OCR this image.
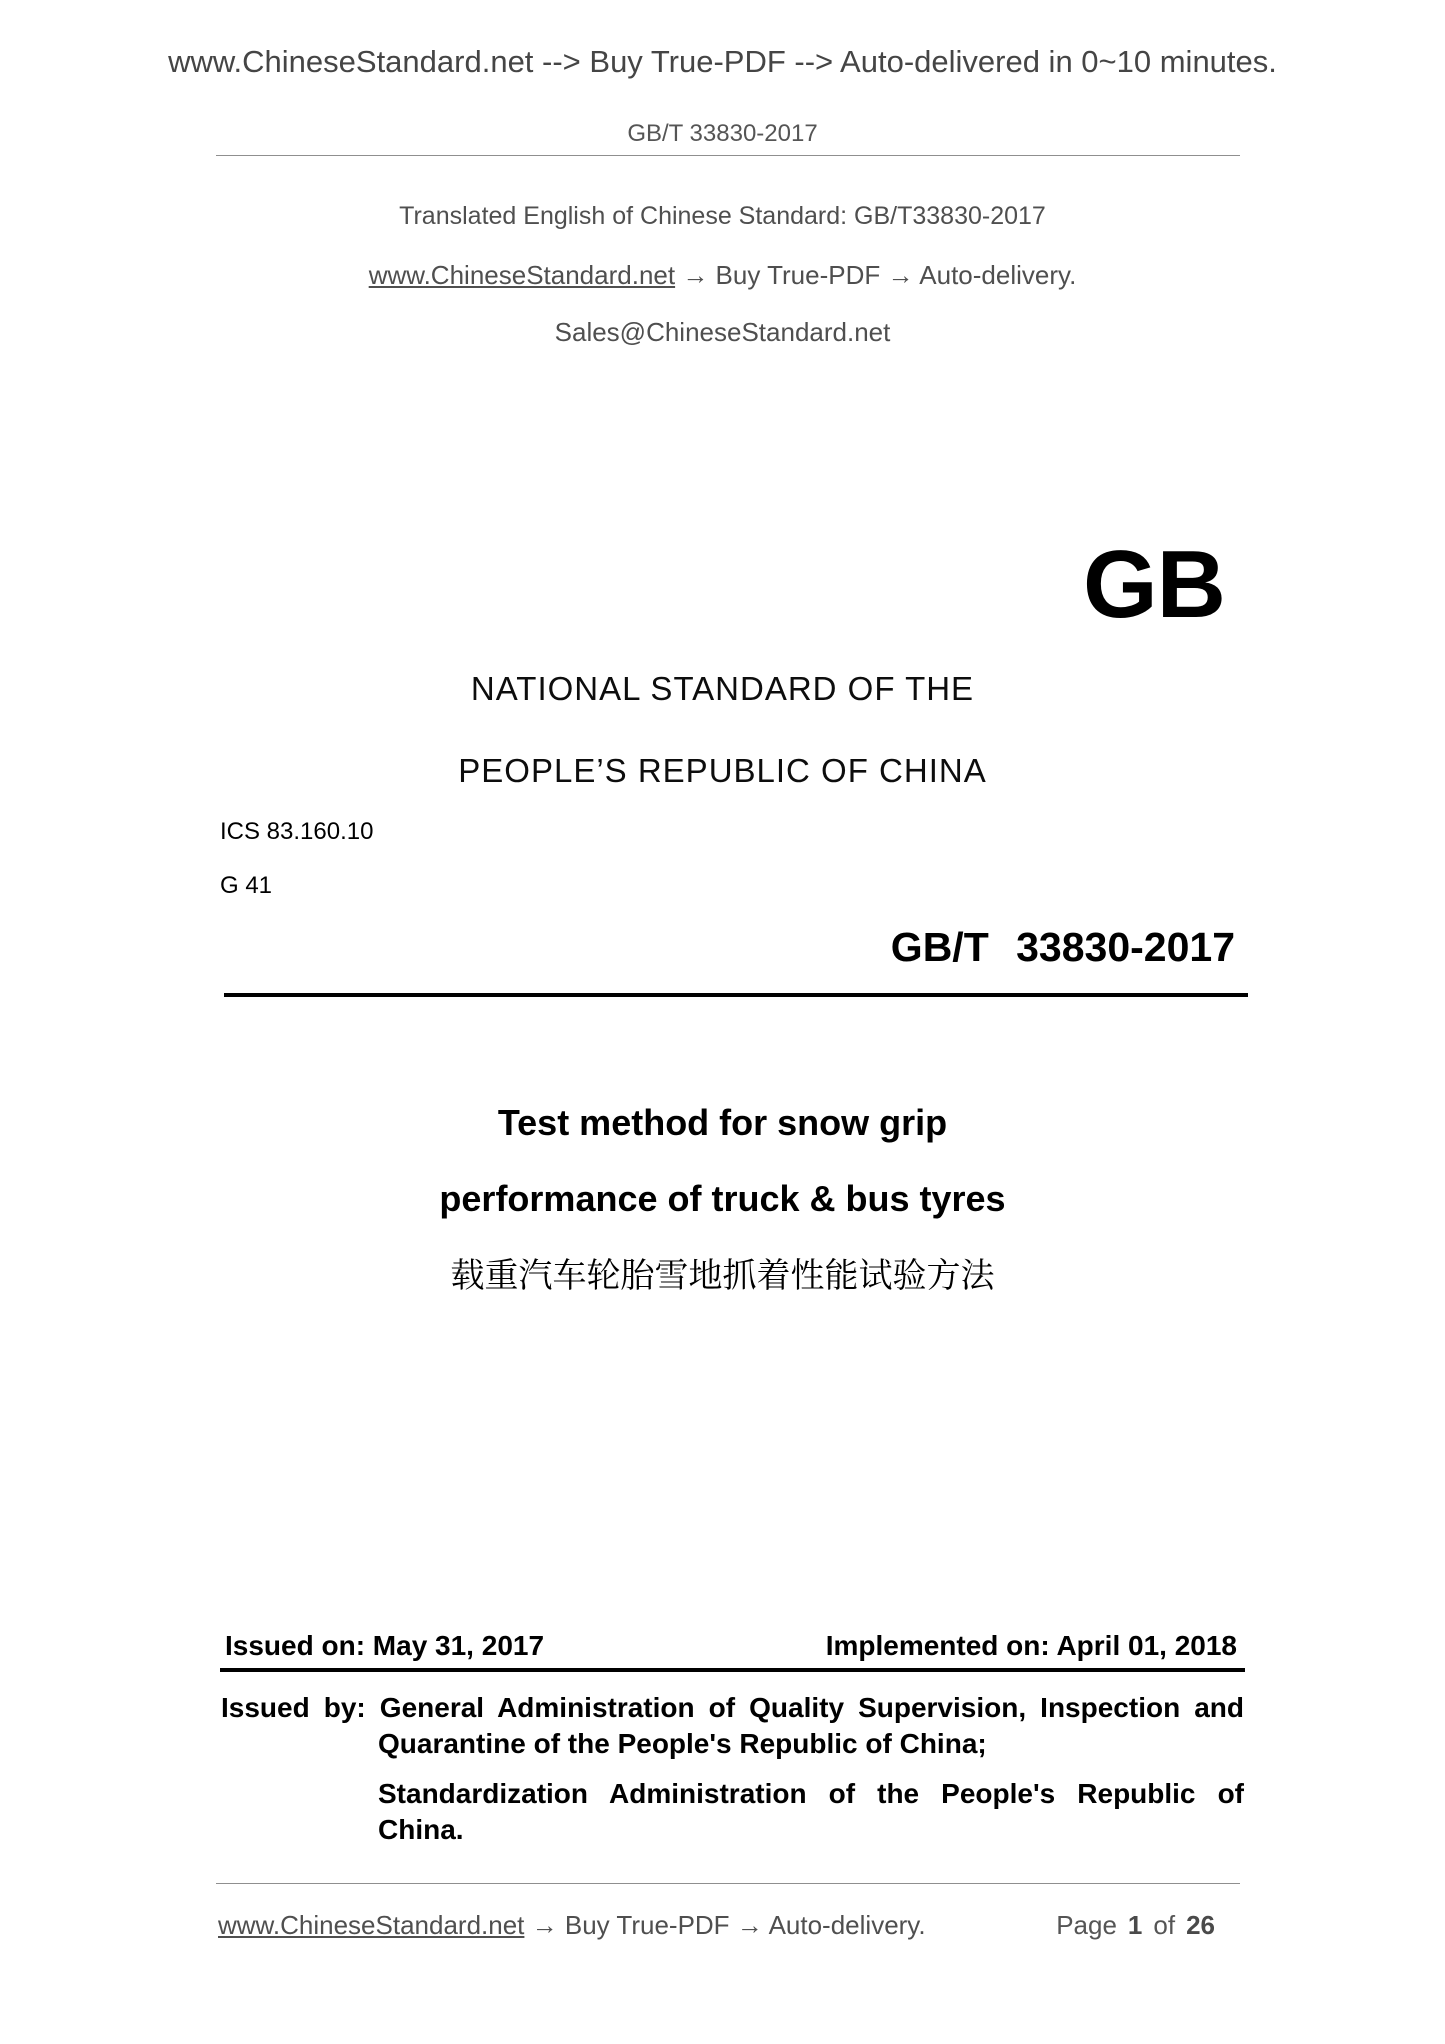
www.ChineseStandard.net --> Buy True-PDF --> Auto-delivered in 0~10 minutes.
GB/T 33830-2017
Translated English of Chinese Standard: GB/T33830-2017
www.ChineseStandard.net → Buy True-PDF → Auto-delivery.
Sales@ChineseStandard.net
GB
NATIONAL STANDARD OF THE
PEOPLE’S REPUBLIC OF CHINA
ICS 83.160.10
G 41
GB/T 33830-2017
Test method for snow grip
performance of truck & bus tyres
载重汽车轮胎雪地抓着性能试验方法
Issued on: May 31, 2017	Implemented on: April 01, 2018
Issued by: General Administration of Quality Supervision, Inspection and
Quarantine of the People's Republic of China;
Standardization Administration of the People's Republic of
China.
www.ChineseStandard.net → Buy True-PDF → Auto-delivery.	Page 1 of 26
